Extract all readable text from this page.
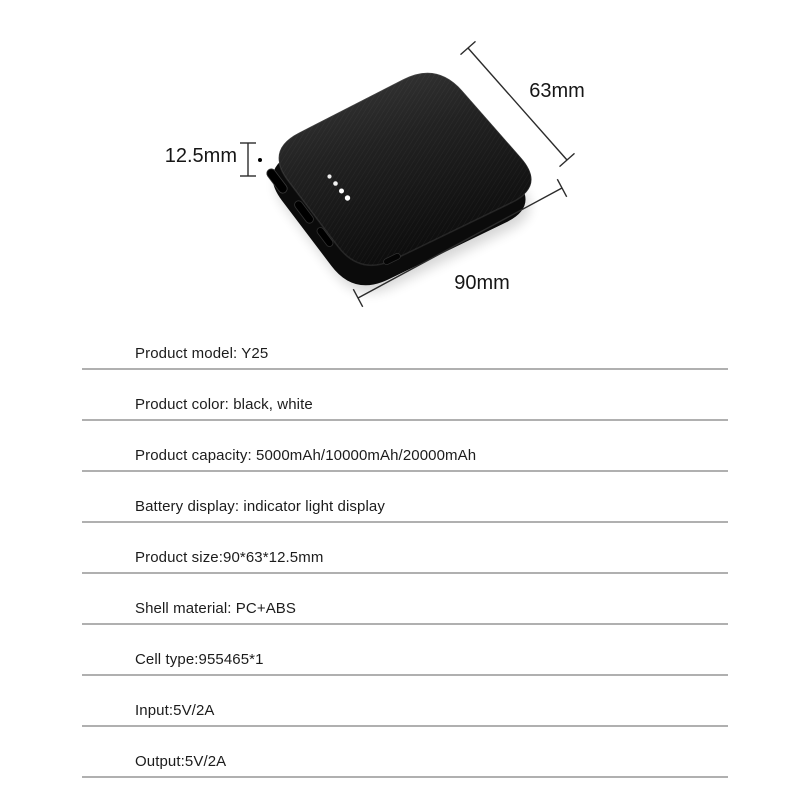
63mm
12.5mm
90mm
Product model: Y25
Product color: black, white
Product capacity: 5000mAh/10000mAh/20000mAh
Battery display: indicator light display
Product size:90*63*12.5mm
Shell material: PC+ABS
Cell type:955465*1
Input:5V/2A
Output:5V/2A
